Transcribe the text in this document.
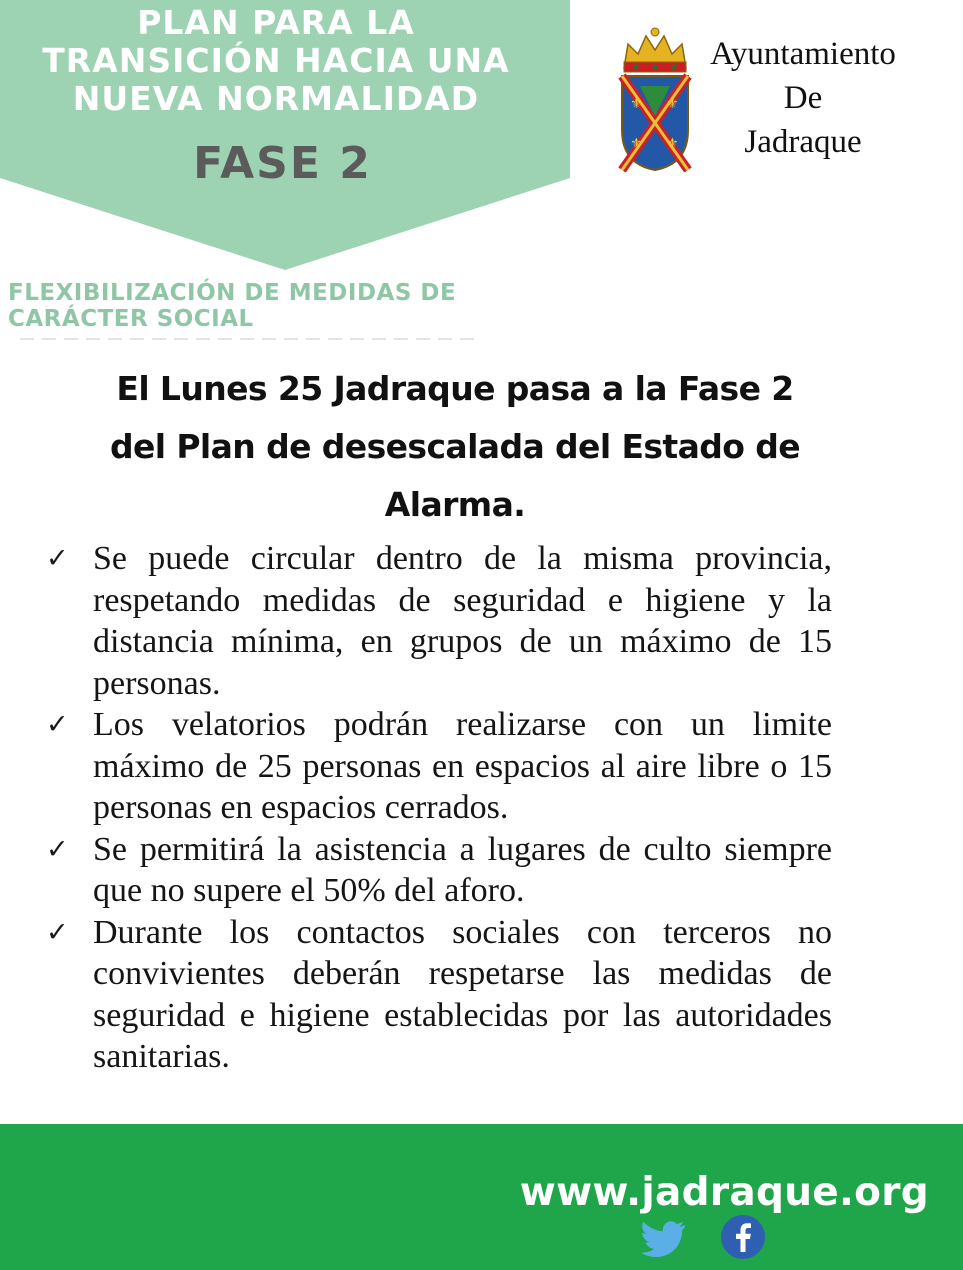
PLAN PARA LA
TRANSICIÓN HACIA UNA
NUEVA NORMALIDAD
FASE 2
FLEXIBILIZACIÓN DE MEDIDAS DE
CARÁCTER SOCIAL
⚜ ⚜
⚜ ⚜
Ayuntamiento
De
Jadraque
El Lunes 25 Jadraque pasa a la Fase 2
del Plan de desescalada del Estado de
Alarma.
✓ Se puede circular dentro de la misma provincia, respetando medidas de seguridad e higiene y la distancia mínima, en grupos de un máximo de 15 personas.
✓ Los velatorios podrán realizarse con un limite máximo de 25 personas en espacios al aire libre o 15 personas en espacios cerrados.
✓ Se permitirá la asistencia a lugares de culto siempre que no supere el 50% del aforo.
✓ Durante los contactos sociales con terceros no convivientes deberán respetarse las medidas de seguridad e higiene establecidas por las autoridades sanitarias.
www.jadraque.org
